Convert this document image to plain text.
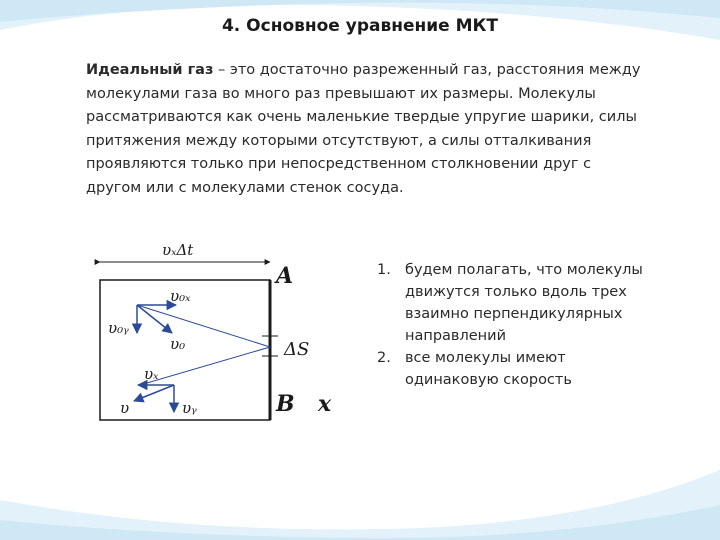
4. Основное уравнение МКТ
Идеальный газ – это достаточно разреженный газ, расстояния между молекулами газа во много раз превышают их размеры. Молекулы рассматриваются как очень маленькие твердые упругие шарики, силы притяжения между которыми отсутствуют, а силы отталкивания проявляются только при непосредственном столкновении друг с другом или с молекулами стенок сосуда.
1. будем полагать, что молекулы движутся только вдоль трех взаимно перпендикулярных направлений
2. все молекулы имеют одинаковую скорость
υₓΔt
υ₀ₓ
υ₀ᵧ
υ₀
υₓ
υ	υᵧ
A
ΔS
B x
